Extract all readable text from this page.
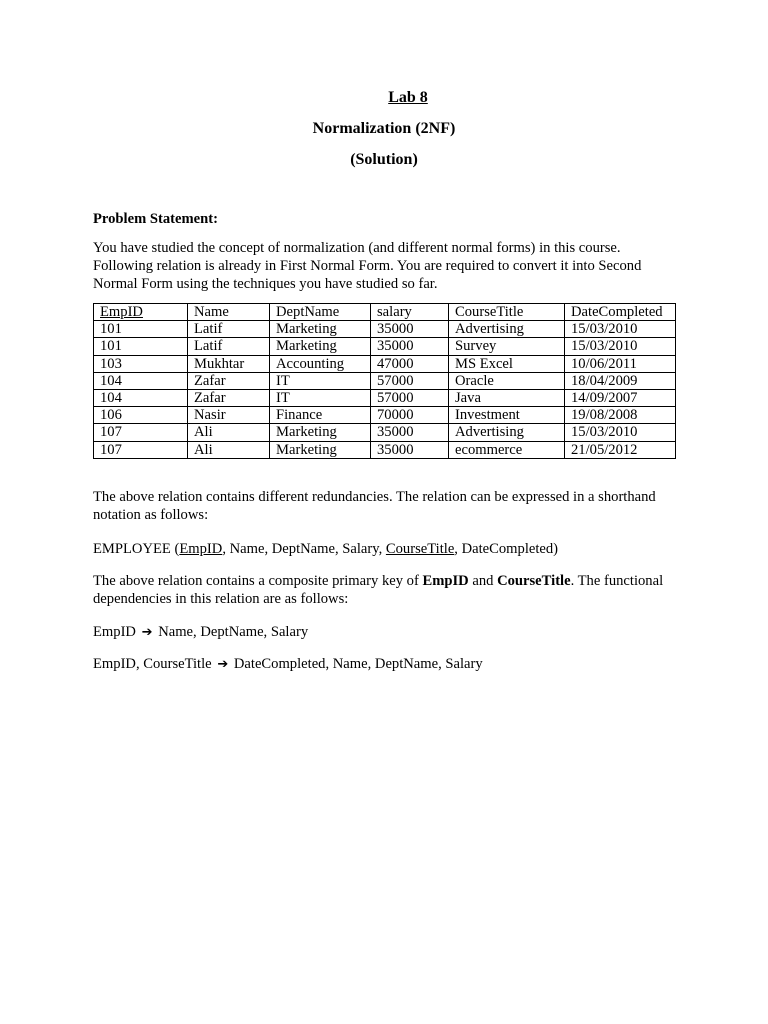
Lab 8
Normalization (2NF)
(Solution)

Problem Statement:

You have studied the concept of normalization (and different normal forms) in this course. Following relation is already in First Normal Form. You are required to convert it into Second Normal Form using the techniques you have studied so far.

EmpID	Name	DeptName	salary	CourseTitle	DateCompleted
101	Latif	Marketing	35000	Advertising	15/03/2010
101	Latif	Marketing	35000	Survey	15/03/2010
103	Mukhtar	Accounting	47000	MS Excel	10/06/2011
104	Zafar	IT	57000	Oracle	18/04/2009
104	Zafar	IT	57000	Java	14/09/2007
106	Nasir	Finance	70000	Investment	19/08/2008
107	Ali	Marketing	35000	Advertising	15/03/2010
107	Ali	Marketing	35000	ecommerce	21/05/2012

The above relation contains different redundancies. The relation can be expressed in a shorthand notation as follows:

EMPLOYEE (EmpID, Name, DeptName, Salary, CourseTitle, DateCompleted)

The above relation contains a composite primary key of EmpID and CourseTitle. The functional dependencies in this relation are as follows:

EmpID ➔ Name, DeptName, Salary

EmpID, CourseTitle ➔ DateCompleted, Name, DeptName, Salary
